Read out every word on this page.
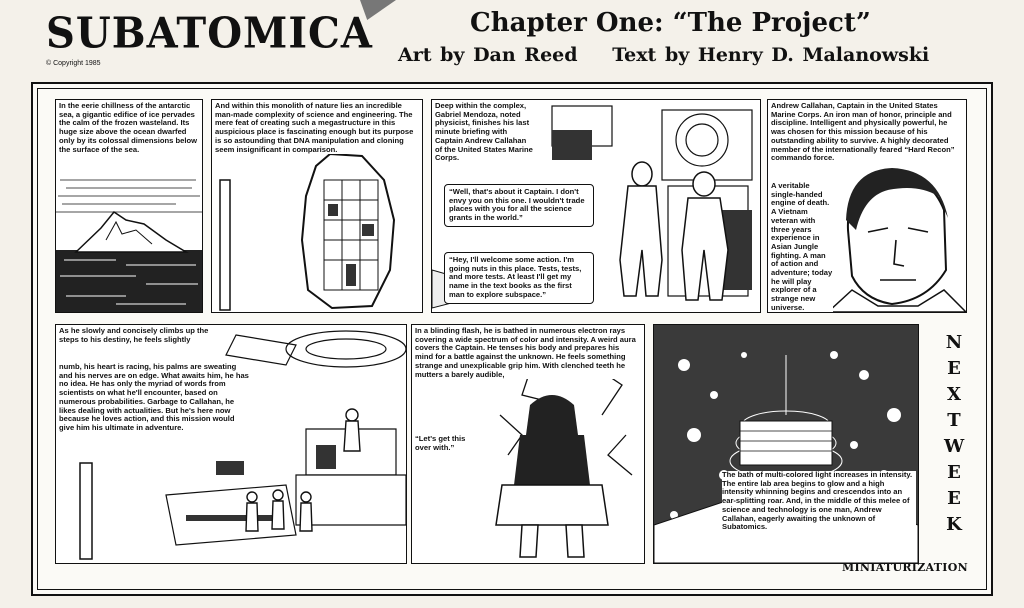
SUBATOMICA
© Copyright 1985
Chapter One: “The Project”
Art by Dan Reed Text by Henry D. Malanowski
In the eerie chillness of the antarctic sea, a gigantic edifice of ice pervades the calm of the frozen wasteland. Its huge size above the ocean dwarfed only by its colossal dimensions below the surface of the sea.
And within this monolith of nature lies an incredible man-made complexity of science and engineering. The mere feat of creating such a megastructure in this auspicious place is fascinating enough but its purpose is so astounding that DNA manipulation and cloning seem insignificant in comparison.
Deep within the complex, Gabriel Mendoza, noted physicist, finishes his last minute briefing with Captain Andrew Callahan of the United States Marine Corps.
“Well, that's about it Captain. I don't envy you on this one. I wouldn't trade places with you for all the science grants in the world.”
“Hey, I'll welcome some action. I'm going nuts in this place. Tests, tests, and more tests. At least I'll get my name in the text books as the first man to explore subspace.”
Andrew Callahan, Captain in the United States Marine Corps. An iron man of honor, principle and discipline. Intelligent and physically powerful, he was chosen for this mission because of his outstanding ability to survive. A highly decorated member of the internationally feared “Hard Recon” commando force.
A veritable single-handed engine of death. A Vietnam veteran with three years experience in Asian Jungle fighting. A man of action and adventure; today he will play explorer of a strange new universe.
As he slowly and concisely climbs up the steps to his destiny, he feels slightly
numb, his heart is racing, his palms are sweating and his nerves are on edge. What awaits him, he has no idea. He has only the myriad of words from scientists on what he'll encounter, based on numerous probabilities. Garbage to Callahan, he likes dealing with actualities. But he's here now because he loves action, and this mission would give him his ultimate in adventure.
In a blinding flash, he is bathed in numerous electron rays covering a wide spectrum of color and intensity. A weird aura covers the Captain. He tenses his body and prepares his mind for a battle against the unknown. He feels something strange and unexplicable grip him. With clenched teeth he mutters a barely audible,
“Let's get this over with.”
The bath of multi-colored light increases in intensity. The entire lab area begins to glow and a high intensity whinning begins and crescendos into an ear-splitting roar. And, in the middle of this melee of science and technology is one man, Andrew Callahan, eagerly awaiting the unknown of Subatomics.
N
E
X
T
W
E
E
K
MINIATURIZATION
